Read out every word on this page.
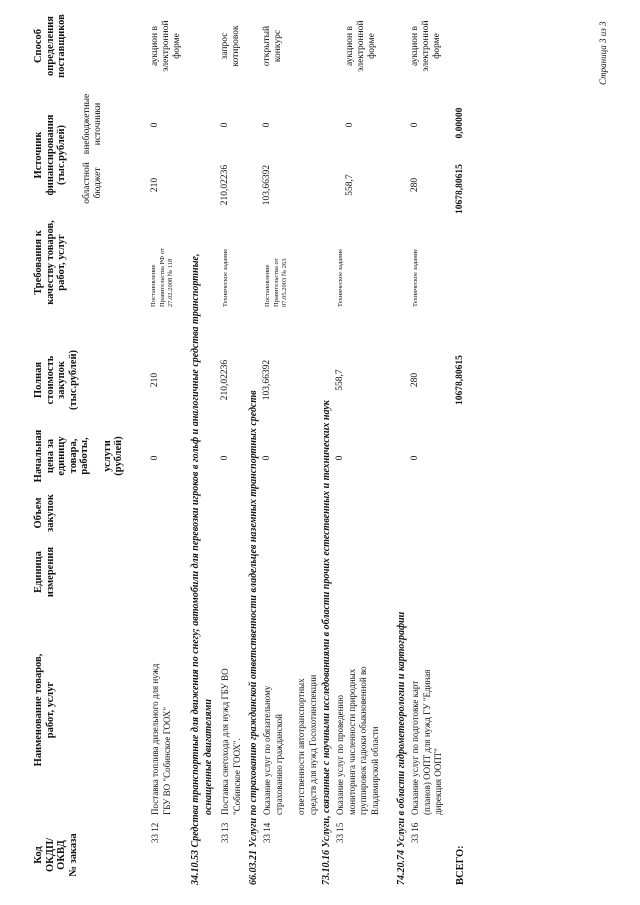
Код ОКДП/ ОКВД № заказа
Наименование товаров, работ, услуг
Единица измерения
Объем закупок
Начальная цена за единицу товара, работы, услуги (рублей)
Полная стоимость закупок (тыс.рублей)
Требования к качеству товаров, работ, услуг
Источник финансирования (тыс.рублей) областной бюджет
внебюджетные источники
Способ определения поставщиков
33 12
Поставка топлива дизельного для нужд ГБУ ВО "Собинское ГООХ"
0
210
Постановление Правительства РФ от 27.02.2008 № 118
210
0
аукцион в электронной форме
34.10.53 Средства транспортные для движения по снегу; автомобили для перевозки игроков в гольф и аналогичные средства транспортные, оснащенные двигателями
33 13
Поставка снегохода для нужд ГБУ ВО "Собинское ГООХ".
0
210,02236
Техническое задание
210,02236
0
запрос котировок
66.03.21 Услуги по страхованию гражданской ответственности владельцев наземных транспортных средств 33 14
Оказание услуг по обязательному страхованию гражданской ответственности автотранспортных средств для нужд Госохотинспекции
0
103,66392
Постановление Правительства от 07.05.2003 № 263
103,66392
0
открытый конкурс
73.10.16 Услуги, связанные с научными исследованиями в области прочих естественных и технических наук 33 15
Оказание услуг по проведению мониторинга численности природных группировок гадюки обыкновенной во Владимирской области
0
558,7
Техническое задание
558,7
0
аукцион в электронной форме
74.20.74 Услуги в области гидрометеорологии и картографии 33 16
Оказание услуг по подготовке карт (планов) ООПТ для нужд ГУ "Единая дирекция ООПТ"
0
280
Техническое задание
280
0
аукцион в электронной форме
ВСЕГО:
10678,80615
10678,80615
0,00000
Страница 3 из 3
